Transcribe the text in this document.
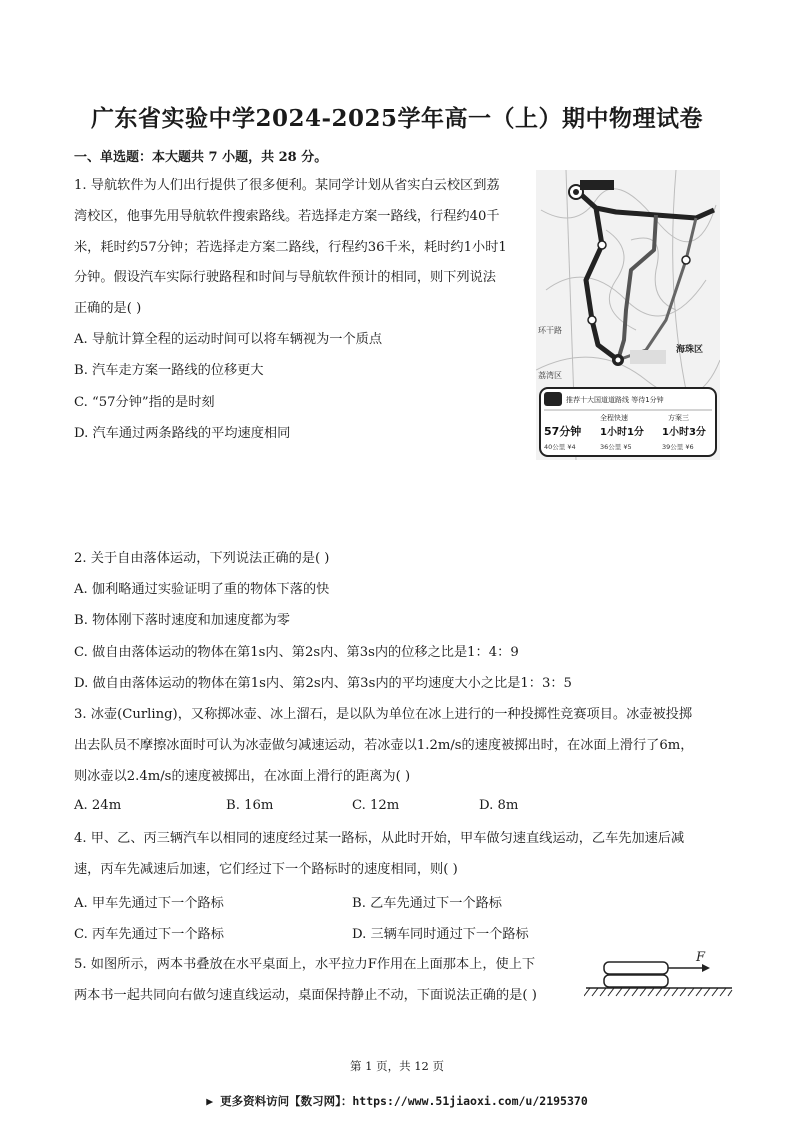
广东省实验中学2024-2025学年高一（上）期中物理试卷
一、单选题：本大题共 7 小题，共 28 分。
1. 导航软件为人们出行提供了很多便利。某同学计划从省实白云校区到荔
湾校区，他事先用导航软件搜索路线。若选择走方案一路线，行程约40千
米，耗时约57分钟；若选择走方案二路线，行程约36千米，耗时约1小时1
分钟。假设汽车实际行驶路程和时间与导航软件预计的相同，则下列说法
正确的是( )
A. 导航计算全程的运动时间可以将车辆视为一个质点
B. 汽车走方案一路线的位移更大
C. “57分钟”指的是时刻
D. 汽车通过两条路线的平均速度相同
环干路
海珠区
荔湾区
推荐十大国道道路线 等待1分钟
全程快速	方案三
57分钟 1小时1分 1小时3分
40公里 ¥4	36公里 ¥5	39公里 ¥6
2. 关于自由落体运动，下列说法正确的是( )
A. 伽利略通过实验证明了重的物体下落的快
B. 物体刚下落时速度和加速度都为零
C. 做自由落体运动的物体在第1s内、第2s内、第3s内的位移之比是1：4：9
D. 做自由落体运动的物体在第1s内、第2s内、第3s内的平均速度大小之比是1：3：5
3. 冰壶(Curling)，又称掷冰壶、冰上溜石，是以队为单位在冰上进行的一种投掷性竞赛项目。冰壶被投掷
出去队员不摩擦冰面时可认为冰壶做匀减速运动，若冰壶以1.2m/s的速度被掷出时，在冰面上滑行了6m，
则冰壶以2.4m/s的速度被掷出，在冰面上滑行的距离为( )
A. 24m	B. 16m	C. 12m	D. 8m
4. 甲、乙、丙三辆汽车以相同的速度经过某一路标，从此时开始，甲车做匀速直线运动，乙车先加速后减
速，丙车先减速后加速，它们经过下一个路标时的速度相同，则( )
A. 甲车先通过下一个路标	B. 乙车先通过下一个路标
C. 丙车先通过下一个路标	D. 三辆车同时通过下一个路标
5. 如图所示，两本书叠放在水平桌面上，水平拉力F作用在上面那本上，使上下
两本书一起共同向右做匀速直线运动，桌面保持静止不动，下面说法正确的是( )
F
第 1 页，共 12 页
▶ 更多资料访问【数习网】：https://www.51jiaoxi.com/u/2195370
